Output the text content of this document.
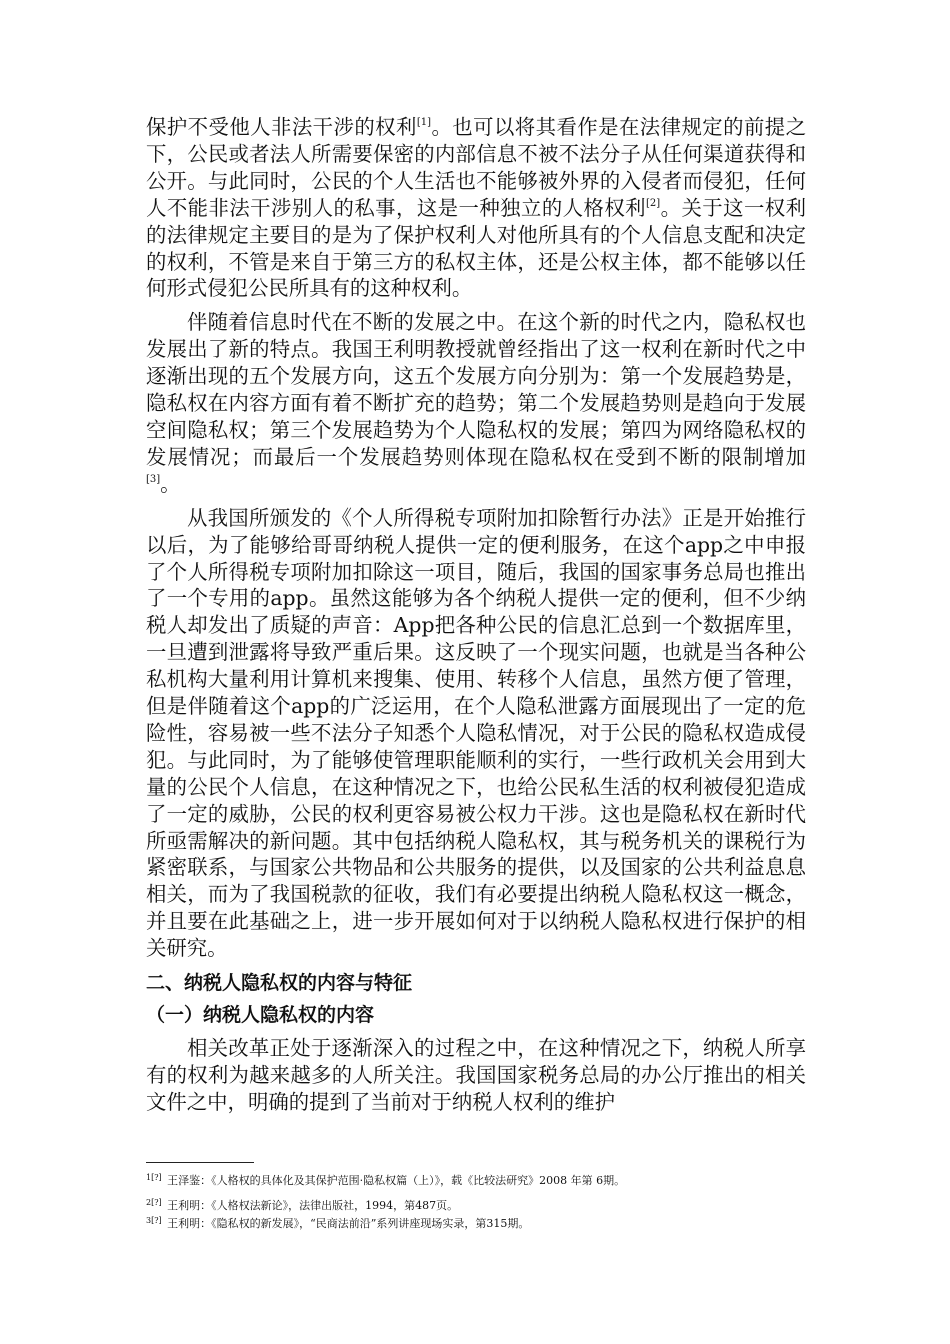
保护不受他人非法干涉的权利[1]。也可以将其看作是在法律规定的前提之下，公民或者法人所需要保密的内部信息不被不法分子从任何渠道获得和公开。与此同时，公民的个人生活也不能够被外界的入侵者而侵犯，任何人不能非法干涉别人的私事，这是一种独立的人格权利[2]。关于这一权利的法律规定主要目的是为了保护权利人对他所具有的个人信息支配和决定的权利，不管是来自于第三方的私权主体，还是公权主体，都不能够以任何形式侵犯公民所具有的这种权利。

伴随着信息时代在不断的发展之中。在这个新的时代之内，隐私权也发展出了新的特点。我国王利明教授就曾经指出了这一权利在新时代之中逐渐出现的五个发展方向，这五个发展方向分别为：第一个发展趋势是，隐私权在内容方面有着不断扩充的趋势；第二个发展趋势则是趋向于发展空间隐私权；第三个发展趋势为个人隐私权的发展；第四为网络隐私权的发展情况；而最后一个发展趋势则体现在隐私权在受到不断的限制增加[3]。

从我国所颁发的《个人所得税专项附加扣除暂行办法》正是开始推行以后，为了能够给哥哥纳税人提供一定的便利服务，在这个app之中申报了个人所得税专项附加扣除这一项目，随后，我国的国家事务总局也推出了一个专用的app。虽然这能够为各个纳税人提供一定的便利，但不少纳税人却发出了质疑的声音：App把各种公民的信息汇总到一个数据库里，一旦遭到泄露将导致严重后果。这反映了一个现实问题，也就是当各种公私机构大量利用计算机来搜集、使用、转移个人信息，虽然方便了管理，但是伴随着这个app的广泛运用，在个人隐私泄露方面展现出了一定的危险性，容易被一些不法分子知悉个人隐私情况，对于公民的隐私权造成侵犯。与此同时，为了能够使管理职能顺利的实行，一些行政机关会用到大量的公民个人信息，在这种情况之下，也给公民私生活的权利被侵犯造成了一定的威胁，公民的权利更容易被公权力干涉。这也是隐私权在新时代所亟需解决的新问题。其中包括纳税人隐私权，其与税务机关的课税行为紧密联系，与国家公共物品和公共服务的提供，以及国家的公共利益息息相关，而为了我国税款的征收，我们有必要提出纳税人隐私权这一概念，并且要在此基础之上，进一步开展如何对于以纳税人隐私权进行保护的相关研究。

二、纳税人隐私权的内容与特征
（一）纳税人隐私权的内容

相关改革正处于逐渐深入的过程之中，在这种情况之下，纳税人所享有的权利为越来越多的人所关注。我国国家税务总局的办公厅推出的相关文件之中，明确的提到了当前对于纳税人权利的维护

$^{1[?]}$ 王泽鉴：《人格权的具体化及其保护范围·隐私权篇（上）》，载《比较法研究》2008 年第 6期。

$^{2[?]}$ 王利明：《人格权法新论》，法律出版社，1994，第487页。

$^{3[?]}$ 王利明：《隐私权的新发展》，“民商法前沿”系列讲座现场实录，第315期。
